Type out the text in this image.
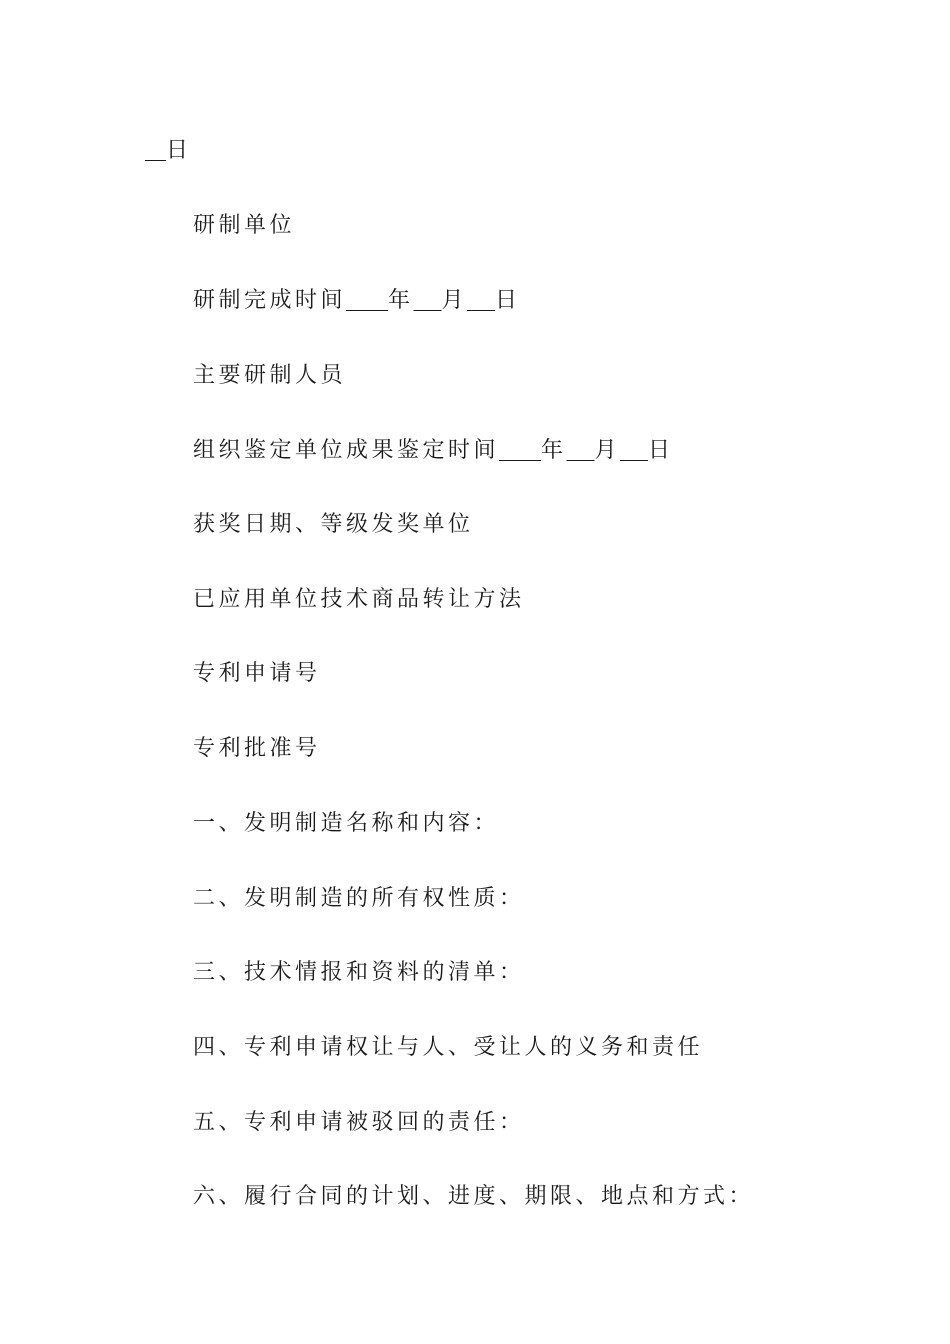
日
研制单位
研制完成时间 年 月 日
主要研制人员
组织鉴定单位成果鉴定时间 年 月 日
获奖日期、等级发奖单位
已应用单位技术商品转让方法
专利申请号
专利批准号
一、发明制造名称和内容：
二、发明制造的所有权性质：
三、技术情报和资料的清单：
四、专利申请权让与人、受让人的义务和责任
五、专利申请被驳回的责任：
六、履行合同的计划、进度、期限、地点和方式：
